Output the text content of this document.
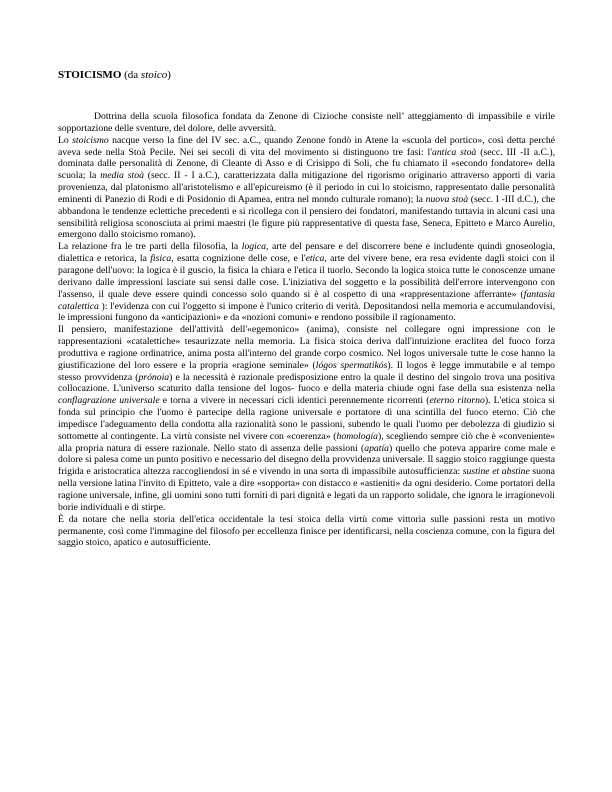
STOICISMO (da stoico)

Dottrina della scuola filosofica fondata da Zenone di Cizioche consiste nell’ atteggiamento di impassibile e virile sopportazione delle sventure, del dolore, delle avversità.

Lo stoicismo nacque verso la fine del IV sec. a.C., quando Zenone fondò in Atene la «scuola del portico», così detta perché aveva sede nella Stoà Pecile. Nei sei secoli di vita del movimento si distinguono tre fasi: l'antica stoà (secc. III -II a.C.), dominata dalle personalità di Zenone, di Cleante di Asso e di Crisippo di Soli, che fu chiamato il «secondo fondatore» della scuola; la media stoà (secc. II - I a.C.), caratterizzata dalla mitigazione del rigorismo originario attraverso apporti di varia provenienza, dal platonismo all'aristotelismo e all'epicureismo (è il periodo in cui lo stoicismo, rappresentato dalle personalità eminenti di Panezio di Rodi e di Posidonio di Apamea, entra nel mondo culturale romano); la nuova stoà (secc. I -III d.C.), che abbandona le tendenze eclettiche precedenti e si ricollega con il pensiero dei fondatori, manifestando tuttavia in alcuni casi una sensibilità religiosa sconosciuta ai primi maestri (le figure più rappresentative di questa fase, Seneca, Epitteto e Marco Aurelio, emergono dallo stoicismo romano).

La relazione fra le tre parti della filosofia, la logica, arte del pensare e del discorrere bene e includente quindi gnoseologia, dialettica e retorica, la fisica, esatta cognizione delle cose, e l'etica, arte del vivere bene, era resa evidente dagli stoici con il paragone dell'uovo: la logica è il guscio, la fisica la chiara e l'etica il tuorlo. Secondo la logica stoica tutte le conoscenze umane derivano dalle impressioni lasciate sui sensi dalle cose. L'iniziativa del soggetto e la possibilità dell'errore intervengono con l'assenso, il quale deve essere quindi concesso solo quando si è al cospetto di una «rappresentazione afferrante» (fantasia catalettica ): l'evidenza con cui l'oggetto si impone è l'unico criterio di verità. Depositandosi nella memoria e accumulandovisi, le impressioni fungono da «anticipazioni» e da «nozioni comuni» e rendono possibile il ragionamento.

Il pensiero, manifestazione dell'attività dell'«egemonico» (anima), consiste nel collegare ogni impressione con le rappresentazioni «catalettiche» tesaurizzate nella memoria. La fisica stoica deriva dall'intuizione eraclitea del fuoco forza produttiva e ragione ordinatrice, anima posta all'interno del grande corpo cosmico. Nel logos universale tutte le cose hanno la giustificazione del loro essere e la propria «ragione seminale» (lógos spermatikós). Il logos è legge immutabile e al tempo stesso provvidenza (prónoia) e la necessità è razionale predisposizione entro la quale il destino del singolo trova una positiva collocazione. L'universo scaturito dalla tensione del logos- fuoco e della materia chiude ogni fase della sua esistenza nella conflagrazione universale e torna a vivere in necessari cicli identici perennemente ricorrenti (eterno ritorno). L'etica stoica si fonda sul principio che l'uomo è partecipe della ragione universale e portatore di una scintilla del fuoco eterno. Ciò che impedisce l'adeguamento della condotta alla razionalità sono le passioni, subendo le quali l'uomo per debolezza di giudizio si sottomette al contingente. La virtù consiste nel vivere con «coerenza» (homología), scegliendo sempre ciò che è «conveniente» alla propria natura di essere razionale. Nello stato di assenza delle passioni (apatía) quello che poteva apparire come male e dolore si palesa come un punto positivo e necessario del disegno della provvidenza universale. Il saggio stoico raggiunge questa frigida e aristocratica altezza raccogliendosi in sé e vivendo in una sorta di impassibile autosufficienza: sustine et abstine suona nella versione latina l'invito di Epitteto, vale a dire «sopporta» con distacco e «astieniti» da ogni desiderio. Come portatori della ragione universale, infine, gli uomini sono tutti forniti di pari dignità e legati da un rapporto solidale, che ignora le irragionevoli borie individuali e di stirpe.

È da notare che nella storia dell'etica occidentale la tesi stoica della virtù come vittoria sulle passioni resta un motivo permanente, così come l'immagine del filosofo per eccellenza finisce per identificarsi, nella coscienza comune, con la figura del saggio stoico, apatico e autosufficiente.
